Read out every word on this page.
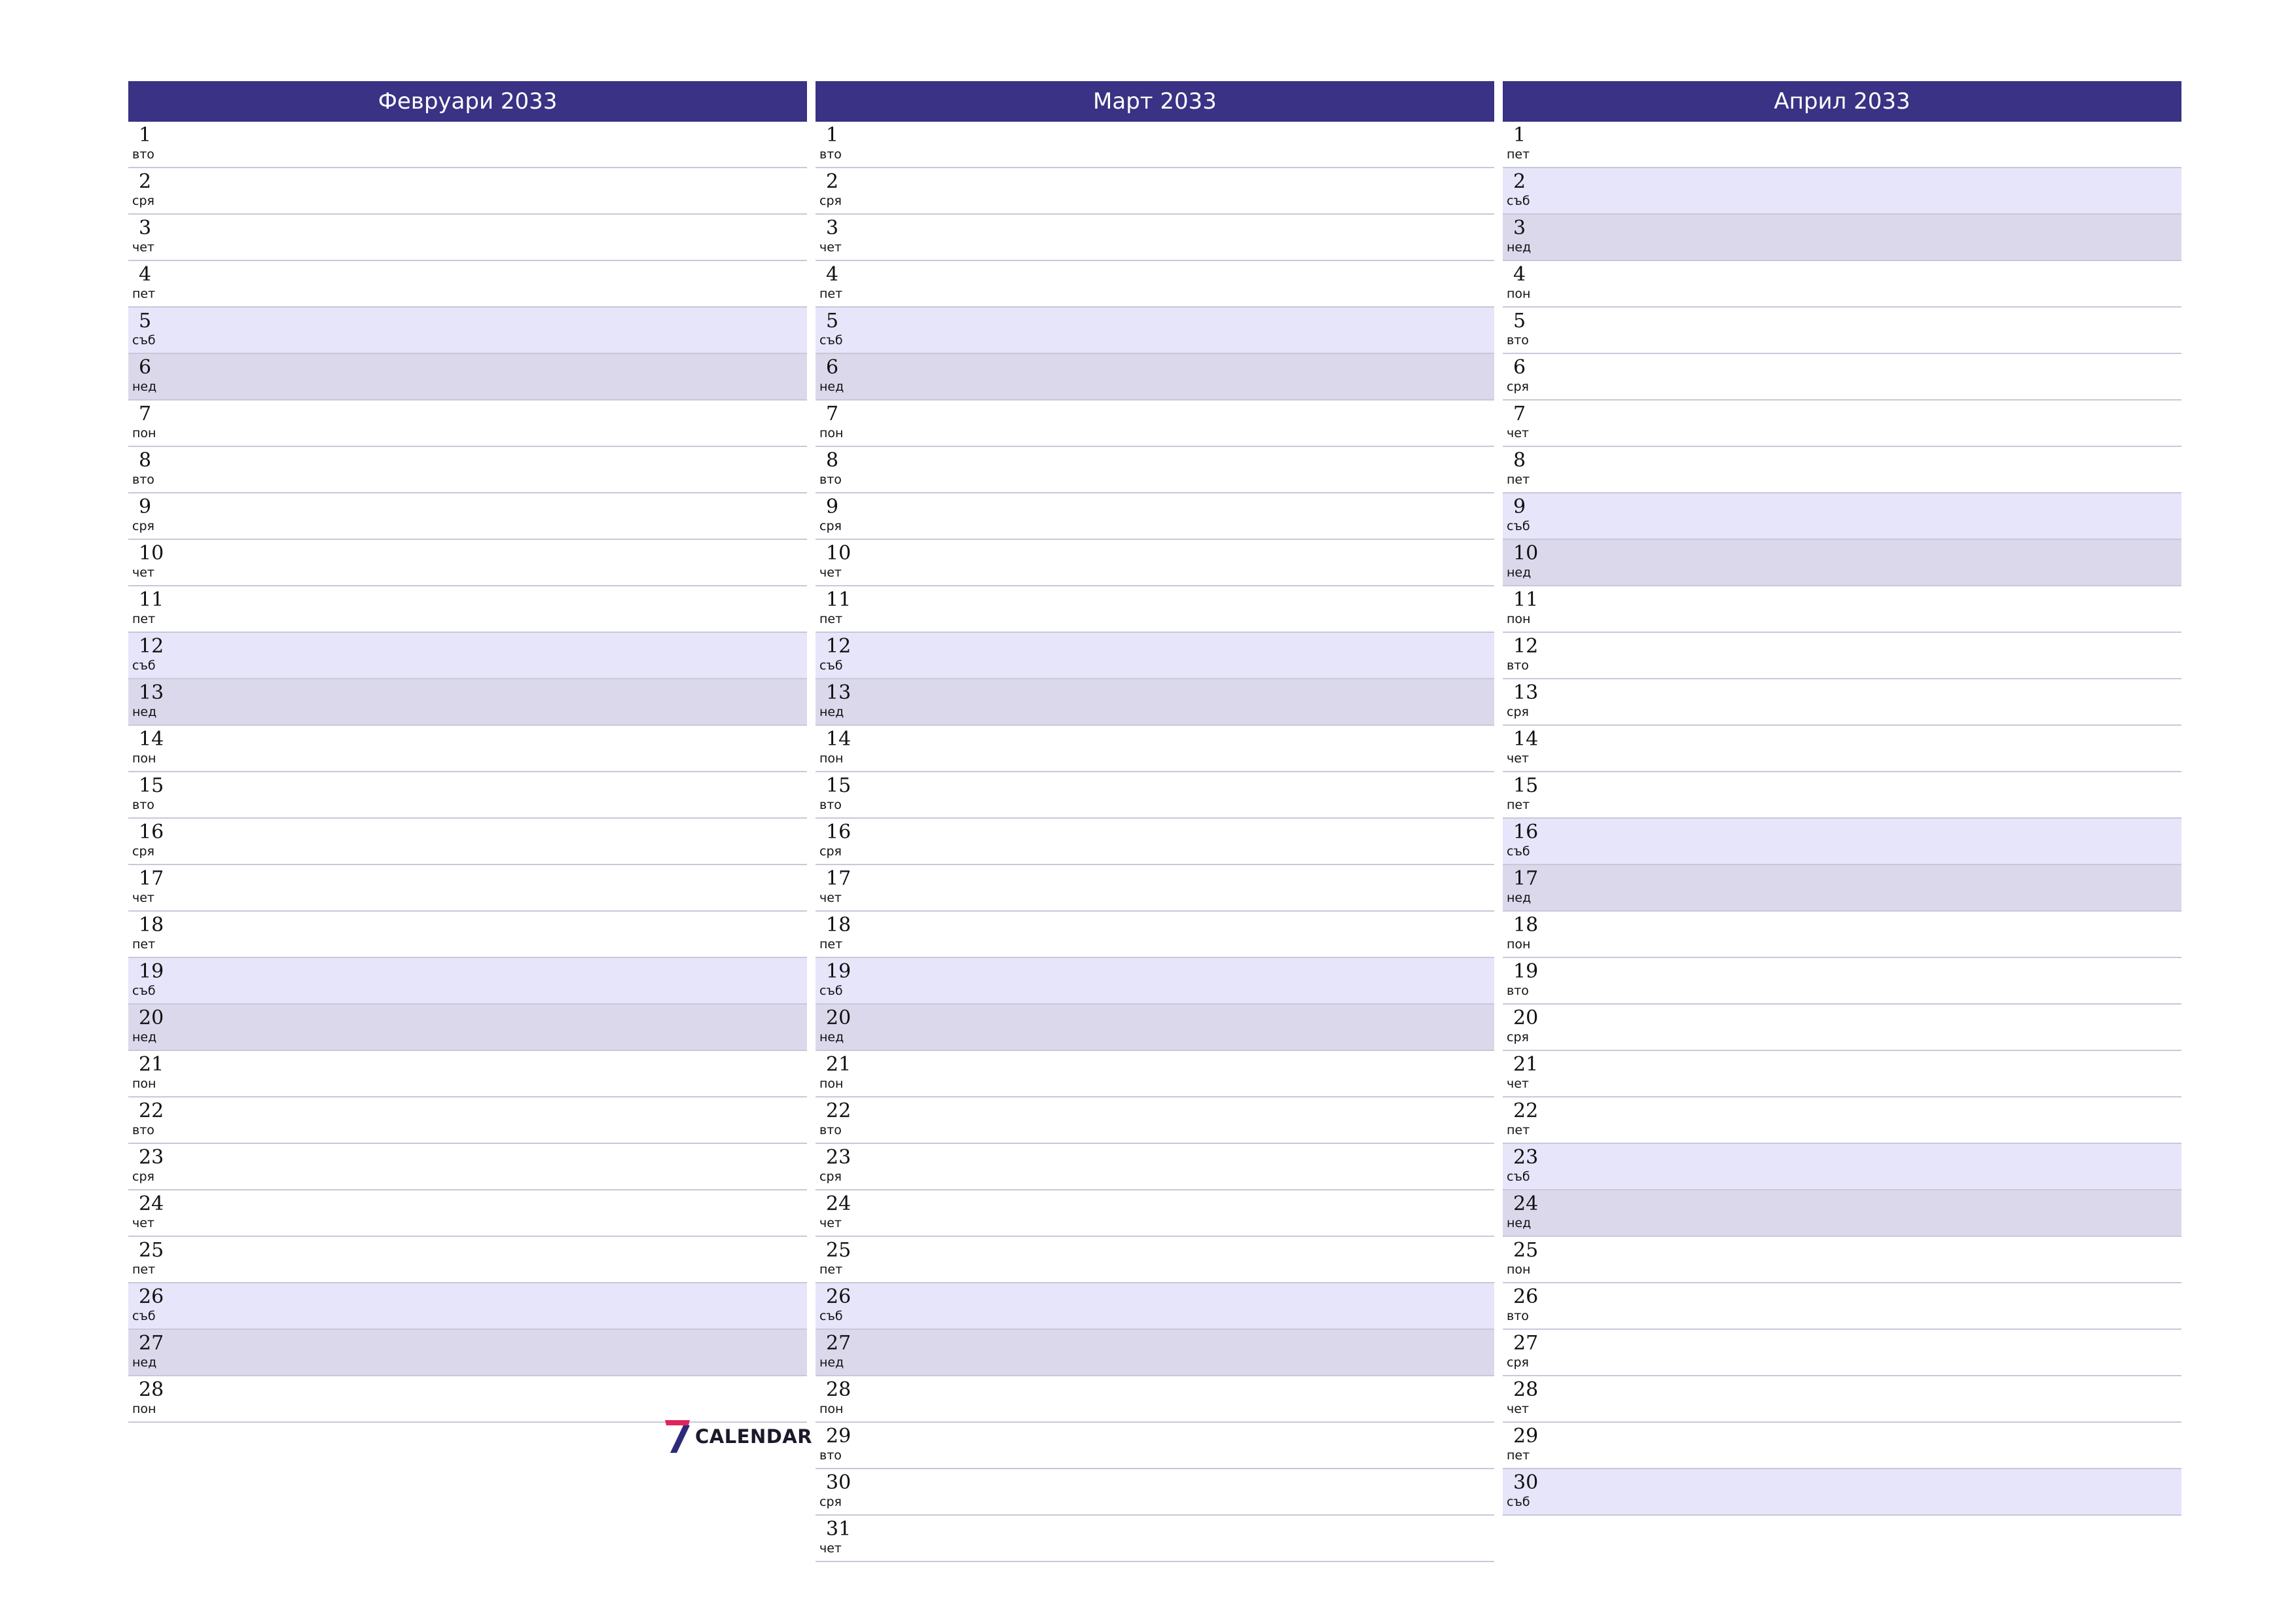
Февруари 2033
1
вто
2
сря
3
чет
4
пет
5
съб
6
нед
7
пон
8
вто
9
сря
10
чет
11
пет
12
съб
13
нед
14
пон
15
вто
16
сря
17
чет
18
пет
19
съб
20
нед
21
пон
22
вто
23
сря
24
чет
25
пет
26
съб
27
нед
28
пон
Март 2033
1
вто
2
сря
3
чет
4
пет
5
съб
6
нед
7
пон
8
вто
9
сря
10
чет
11
пет
12
съб
13
нед
14
пон
15
вто
16
сря
17
чет
18
пет
19
съб
20
нед
21
пон
22
вто
23
сря
24
чет
25
пет
26
съб
27
нед
28
пон
29
вто
30
сря
31
чет
Април 2033
1
пет
2
съб
3
нед
4
пон
5
вто
6
сря
7
чет
8
пет
9
съб
10
нед
11
пон
12
вто
13
сря
14
чет
15
пет
16
съб
17
нед
18
пон
19
вто
20
сря
21
чет
22
пет
23
съб
24
нед
25
пон
26
вто
27
сря
28
чет
29
пет
30
съб
CALENDAR
